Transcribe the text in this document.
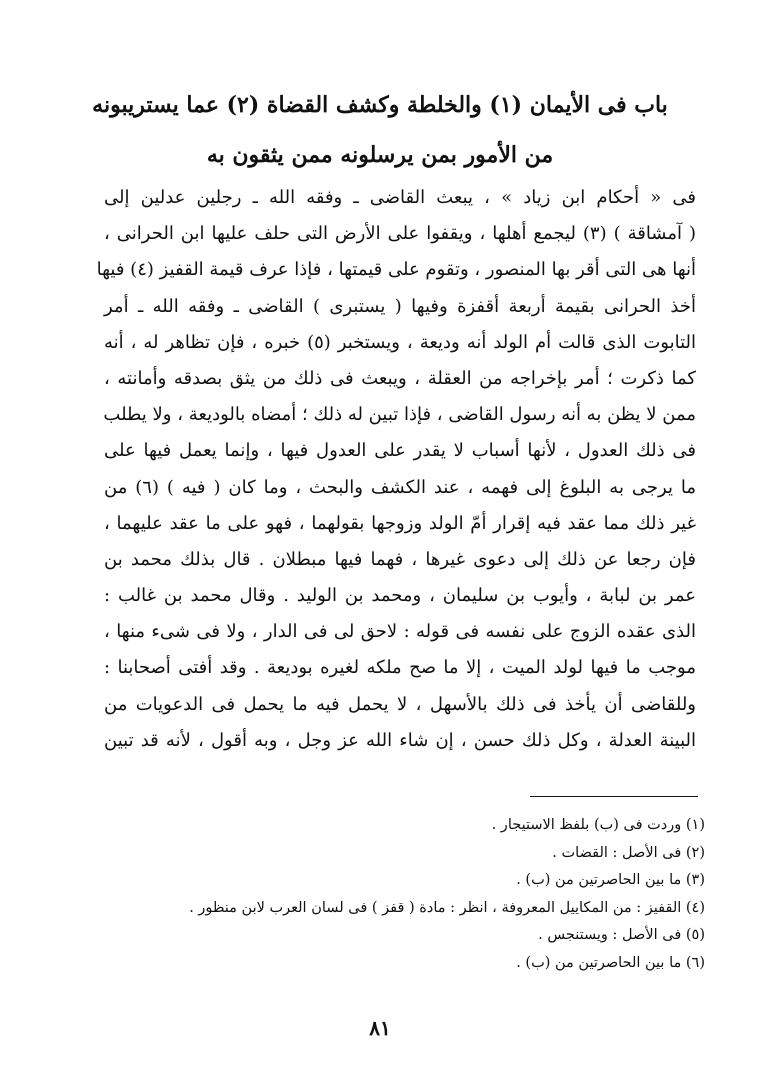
باب فى الأيمان (١) والخلطة وكشف القضاة (٢) عما يستريبونه
من الأمور بمن يرسلونه ممن يثقون به
فى « أحكام ابن زياد » ، يبعث القاضى ـ وفقه الله ـ رجلين عدلين إلى
( آمشاقة ) (٣) ليجمع أهلها ، ويقفوا على الأرض التى حلف عليها ابن الحرانى ،
أنها هى التى أقر بها المنصور ، وتقوم على قيمتها ، فإذا عرف قيمة القفيز (٤) فيها
أخذ الحرانى بقيمة أربعة أقفزة وفيها ( يستبرى ) القاضى ـ وفقه الله ـ أمر
التابوت الذى قالت أم الولد أنه وديعة ، ويستخبر (٥) خبره ، فإن تظاهر له ، أنه
كما ذكرت ؛ أمر بإخراجه من العقلة ، ويبعث فى ذلك من يثق بصدقه وأمانته ،
ممن لا يظن به أنه رسول القاضى ، فإذا تبين له ذلك ؛ أمضاه بالوديعة ، ولا يطلب
فى ذلك العدول ، لأنها أسباب لا يقدر على العدول فيها ، وإنما يعمل فيها على
ما يرجى به البلوغ إلى فهمه ، عند الكشف والبحث ، وما كان ( فيه ) (٦) من
غير ذلك مما عقد فيه إقرار أمّ الولد وزوجها بقولهما ، فهو على ما عقد عليهما ،
فإن رجعا عن ذلك إلى دعوى غيرها ، فهما فيها مبطلان . قال بذلك محمد بن
عمر بن لبابة ، وأيوب بن سليمان ، ومحمد بن الوليد . وقال محمد بن غالب :
الذى عقده الزوج على نفسه فى قوله : لاحق لى فى الدار ، ولا فى شىء منها ،
موجب ما فيها لولد الميت ، إلا ما صح ملكه لغيره بوديعة . وقد أفتى أصحابنا :
وللقاضى أن يأخذ فى ذلك بالأسهل ، لا يحمل فيه ما يحمل فى الدعويات من
البينة العدلة ، وكل ذلك حسن ، إن شاء الله عز وجل ، وبه أقول ، لأنه قد تبين
(١) وردت فى (ب) بلفظ الاستيجار .
(٢) فى الأصل : القضات .
(٣) ما بين الحاصرتين من (ب) .
(٤) القفيز : من المكاييل المعروفة ، انظر : مادة ( قفز ) فى لسان العرب لابن منظور .
(٥) فى الأصل : ويستنجس .
(٦) ما بين الحاصرتين من (ب) .
٨١
